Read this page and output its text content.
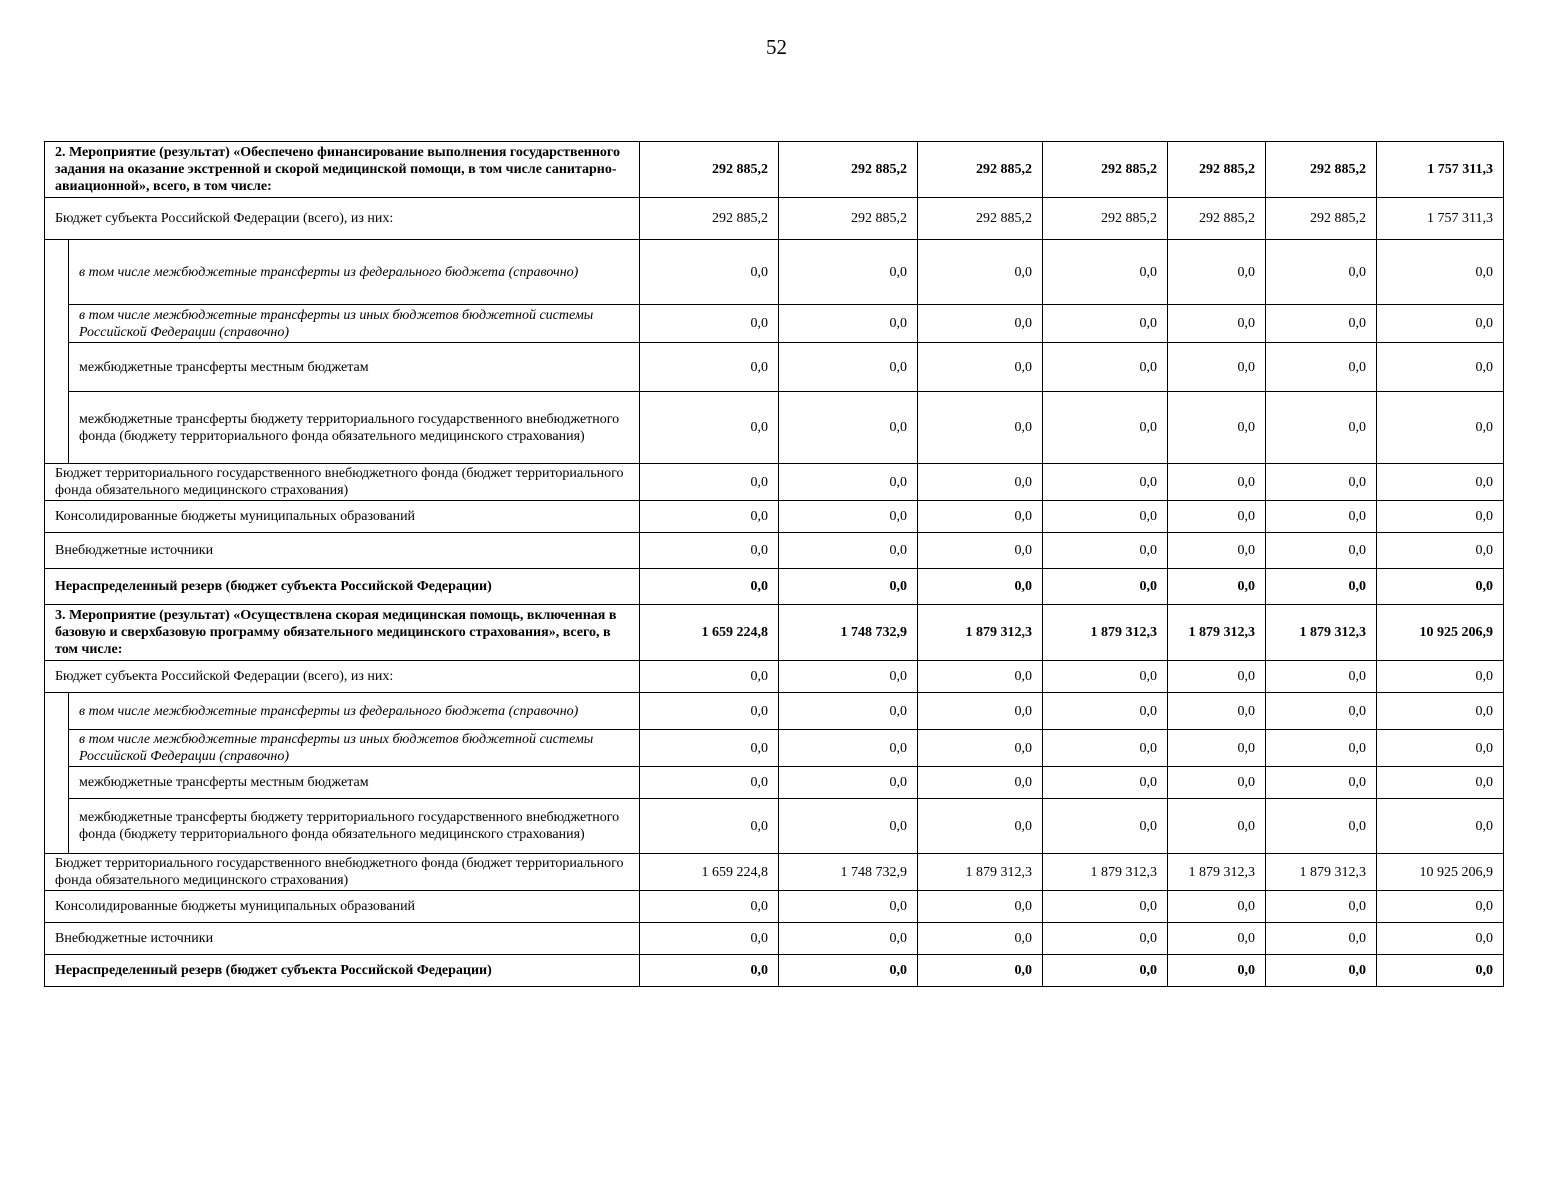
52
2. Мероприятие (результат) «Обеспечено финансирование выполнения государственного задания на оказание экстренной и скорой медицинской помощи, в том числе санитарно-авиационной», всего, в том числе:		292 885,2	292 885,2	292 885,2	292 885,2	292 885,2	292 885,2	1 757 311,3
Бюджет субъекта Российской Федерации (всего), из них:		292 885,2	292 885,2	292 885,2	292 885,2	292 885,2	292 885,2	1 757 311,3
	в том числе межбюджетные трансферты из федерального бюджета (справочно)	0,0	0,0	0,0	0,0	0,0	0,0	0,0
	в том числе межбюджетные трансферты из иных бюджетов бюджетной системы Российской Федерации (справочно)	0,0	0,0	0,0	0,0	0,0	0,0	0,0
	межбюджетные трансферты местным бюджетам	0,0	0,0	0,0	0,0	0,0	0,0	0,0
	межбюджетные трансферты бюджету территориального государственного внебюджетного фонда (бюджету территориального фонда обязательного медицинского страхования)	0,0	0,0	0,0	0,0	0,0	0,0	0,0
Бюджет территориального государственного внебюджетного фонда (бюджет территориального фонда обязательного медицинского страхования)		0,0	0,0	0,0	0,0	0,0	0,0	0,0
Консолидированные бюджеты муниципальных образований		0,0	0,0	0,0	0,0	0,0	0,0	0,0
Внебюджетные источники		0,0	0,0	0,0	0,0	0,0	0,0	0,0
Нераспределенный резерв (бюджет субъекта Российской Федерации)		0,0	0,0	0,0	0,0	0,0	0,0	0,0
3. Мероприятие (результат) «Осуществлена скорая медицинская помощь, включенная в базовую и сверхбазовую программу обязательного медицинского страхования», всего, в том числе:		1 659 224,8	1 748 732,9	1 879 312,3	1 879 312,3	1 879 312,3	1 879 312,3	10 925 206,9
Бюджет субъекта Российской Федерации (всего), из них:		0,0	0,0	0,0	0,0	0,0	0,0	0,0
	в том числе межбюджетные трансферты из федерального бюджета (справочно)	0,0	0,0	0,0	0,0	0,0	0,0	0,0
	в том числе межбюджетные трансферты из иных бюджетов бюджетной системы Российской Федерации (справочно)	0,0	0,0	0,0	0,0	0,0	0,0	0,0
	межбюджетные трансферты местным бюджетам	0,0	0,0	0,0	0,0	0,0	0,0	0,0
	межбюджетные трансферты бюджету территориального государственного внебюджетного фонда (бюджету территориального фонда обязательного медицинского страхования)	0,0	0,0	0,0	0,0	0,0	0,0	0,0
Бюджет территориального государственного внебюджетного фонда (бюджет территориального фонда обязательного медицинского страхования)		1 659 224,8	1 748 732,9	1 879 312,3	1 879 312,3	1 879 312,3	1 879 312,3	10 925 206,9
Консолидированные бюджеты муниципальных образований		0,0	0,0	0,0	0,0	0,0	0,0	0,0
Внебюджетные источники		0,0	0,0	0,0	0,0	0,0	0,0	0,0
Нераспределенный резерв (бюджет субъекта Российской Федерации)		0,0	0,0	0,0	0,0	0,0	0,0	0,0
